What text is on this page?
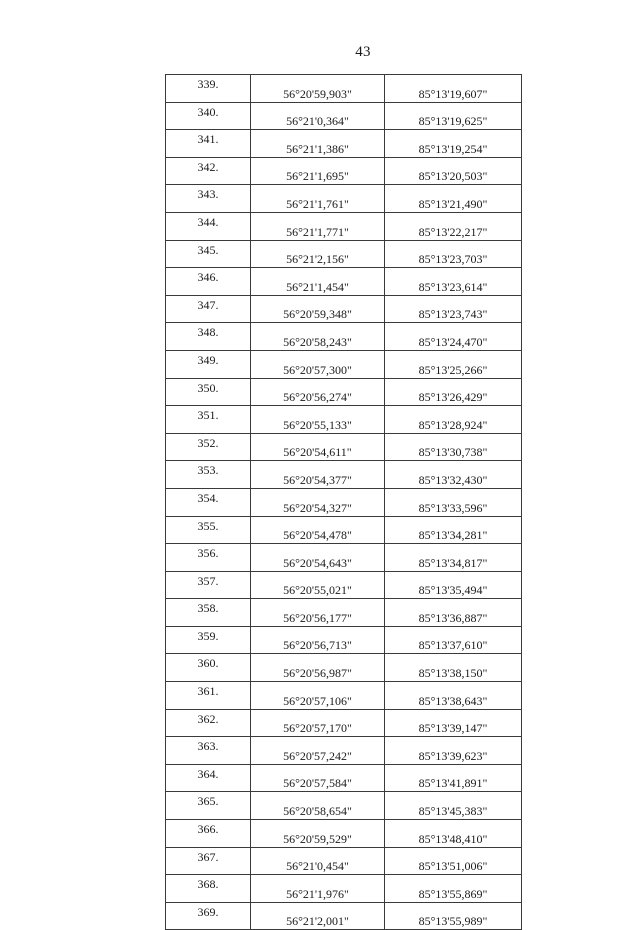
43
339.	56°20'59,903"	85°13'19,607"
340.	56°21'0,364"	85°13'19,625"
341.	56°21'1,386"	85°13'19,254"
342.	56°21'1,695"	85°13'20,503"
343.	56°21'1,761"	85°13'21,490"
344.	56°21'1,771"	85°13'22,217"
345.	56°21'2,156"	85°13'23,703"
346.	56°21'1,454"	85°13'23,614"
347.	56°20'59,348"	85°13'23,743"
348.	56°20'58,243"	85°13'24,470"
349.	56°20'57,300"	85°13'25,266"
350.	56°20'56,274"	85°13'26,429"
351.	56°20'55,133"	85°13'28,924"
352.	56°20'54,611"	85°13'30,738"
353.	56°20'54,377"	85°13'32,430"
354.	56°20'54,327"	85°13'33,596"
355.	56°20'54,478"	85°13'34,281"
356.	56°20'54,643"	85°13'34,817"
357.	56°20'55,021"	85°13'35,494"
358.	56°20'56,177"	85°13'36,887"
359.	56°20'56,713"	85°13'37,610"
360.	56°20'56,987"	85°13'38,150"
361.	56°20'57,106"	85°13'38,643"
362.	56°20'57,170"	85°13'39,147"
363.	56°20'57,242"	85°13'39,623"
364.	56°20'57,584"	85°13'41,891"
365.	56°20'58,654"	85°13'45,383"
366.	56°20'59,529"	85°13'48,410"
367.	56°21'0,454"	85°13'51,006"
368.	56°21'1,976"	85°13'55,869"
369.	56°21'2,001"	85°13'55,989"
